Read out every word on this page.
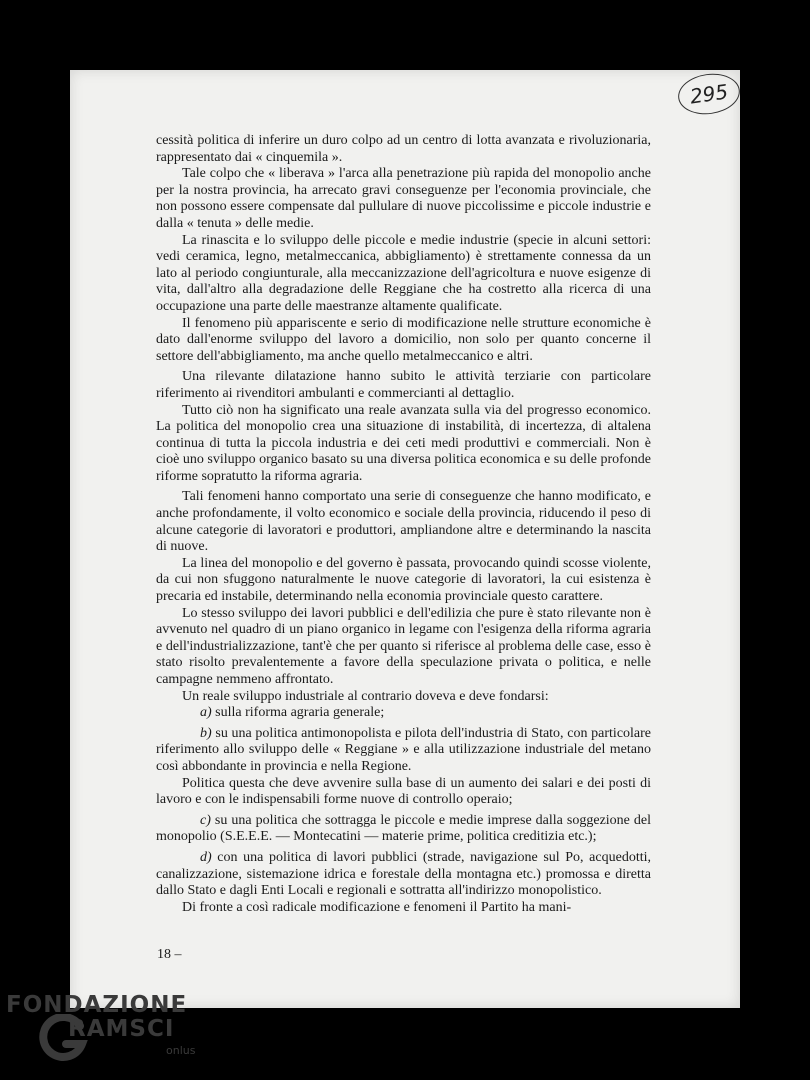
295

cessità politica di inferire un duro colpo ad un centro di lotta avanzata e rivoluzionaria, rappresentato dai « cinquemila ».

Tale colpo che « liberava » l'arca alla penetrazione più rapida del monopolio anche per la nostra provincia, ha arrecato gravi conseguenze per l'economia provinciale, che non possono essere compensate dal pullulare di nuove piccolissime e piccole industrie e dalla « tenuta » delle medie.

La rinascita e lo sviluppo delle piccole e medie industrie (specie in alcuni settori: vedi ceramica, legno, metalmeccanica, abbigliamento) è strettamente connessa da un lato al periodo congiunturale, alla meccanizzazione dell'agricoltura e nuove esigenze di vita, dall'altro alla degradazione delle Reggiane che ha costretto alla ricerca di una occupazione una parte delle maestranze altamente qualificate.

Il fenomeno più appariscente e serio di modificazione nelle strutture economiche è dato dall'enorme sviluppo del lavoro a domicilio, non solo per quanto concerne il settore dell'abbigliamento, ma anche quello metalmeccanico e altri.

Una rilevante dilatazione hanno subito le attività terziarie con particolare riferimento ai rivenditori ambulanti e commercianti al dettaglio.

Tutto ciò non ha significato una reale avanzata sulla via del progresso economico. La politica del monopolio crea una situazione di instabilità, di incertezza, di altalena continua di tutta la piccola industria e dei ceti medi produttivi e commerciali. Non è cioè uno sviluppo organico basato su una diversa politica economica e su delle profonde riforme sopratutto la riforma agraria.

Tali fenomeni hanno comportato una serie di conseguenze che hanno modificato, e anche profondamente, il volto economico e sociale della provincia, riducendo il peso di alcune categorie di lavoratori e produttori, ampliandone altre e determinando la nascita di nuove.

La linea del monopolio e del governo è passata, provocando quindi scosse violente, da cui non sfuggono naturalmente le nuove categorie di lavoratori, la cui esistenza è precaria ed instabile, determinando nella economia provinciale questo carattere.

Lo stesso sviluppo dei lavori pubblici e dell'edilizia che pure è stato rilevante non è avvenuto nel quadro di un piano organico in legame con l'esigenza della riforma agraria e dell'industrializzazione, tant'è che per quanto si riferisce al problema delle case, esso è stato risolto prevalentemente a favore della speculazione privata o politica, e nelle campagne nemmeno affrontato.

Un reale sviluppo industriale al contrario doveva e deve fondarsi:

a) sulla riforma agraria generale;

b) su una politica antimonopolista e pilota dell'industria di Stato, con particolare riferimento allo sviluppo delle « Reggiane » e alla utilizzazione industriale del metano così abbondante in provincia e nella Regione.

Politica questa che deve avvenire sulla base di un aumento dei salari e dei posti di lavoro e con le indispensabili forme nuove di controllo operaio;

c) su una politica che sottragga le piccole e medie imprese dalla soggezione del monopolio (S.E.E.E. — Montecatini — materie prime, politica creditizia etc.);

d) con una politica di lavori pubblici (strade, navigazione sul Po, acquedotti, canalizzazione, sistemazione idrica e forestale della montagna etc.) promossa e diretta dallo Stato e dagli Enti Locali e regionali e sottratta all'indirizzo monopolistico.

Di fronte a così radicale modificazione e fenomeni il Partito ha mani-

18 –
FONDAZIONE
RAMSCI
onlus
